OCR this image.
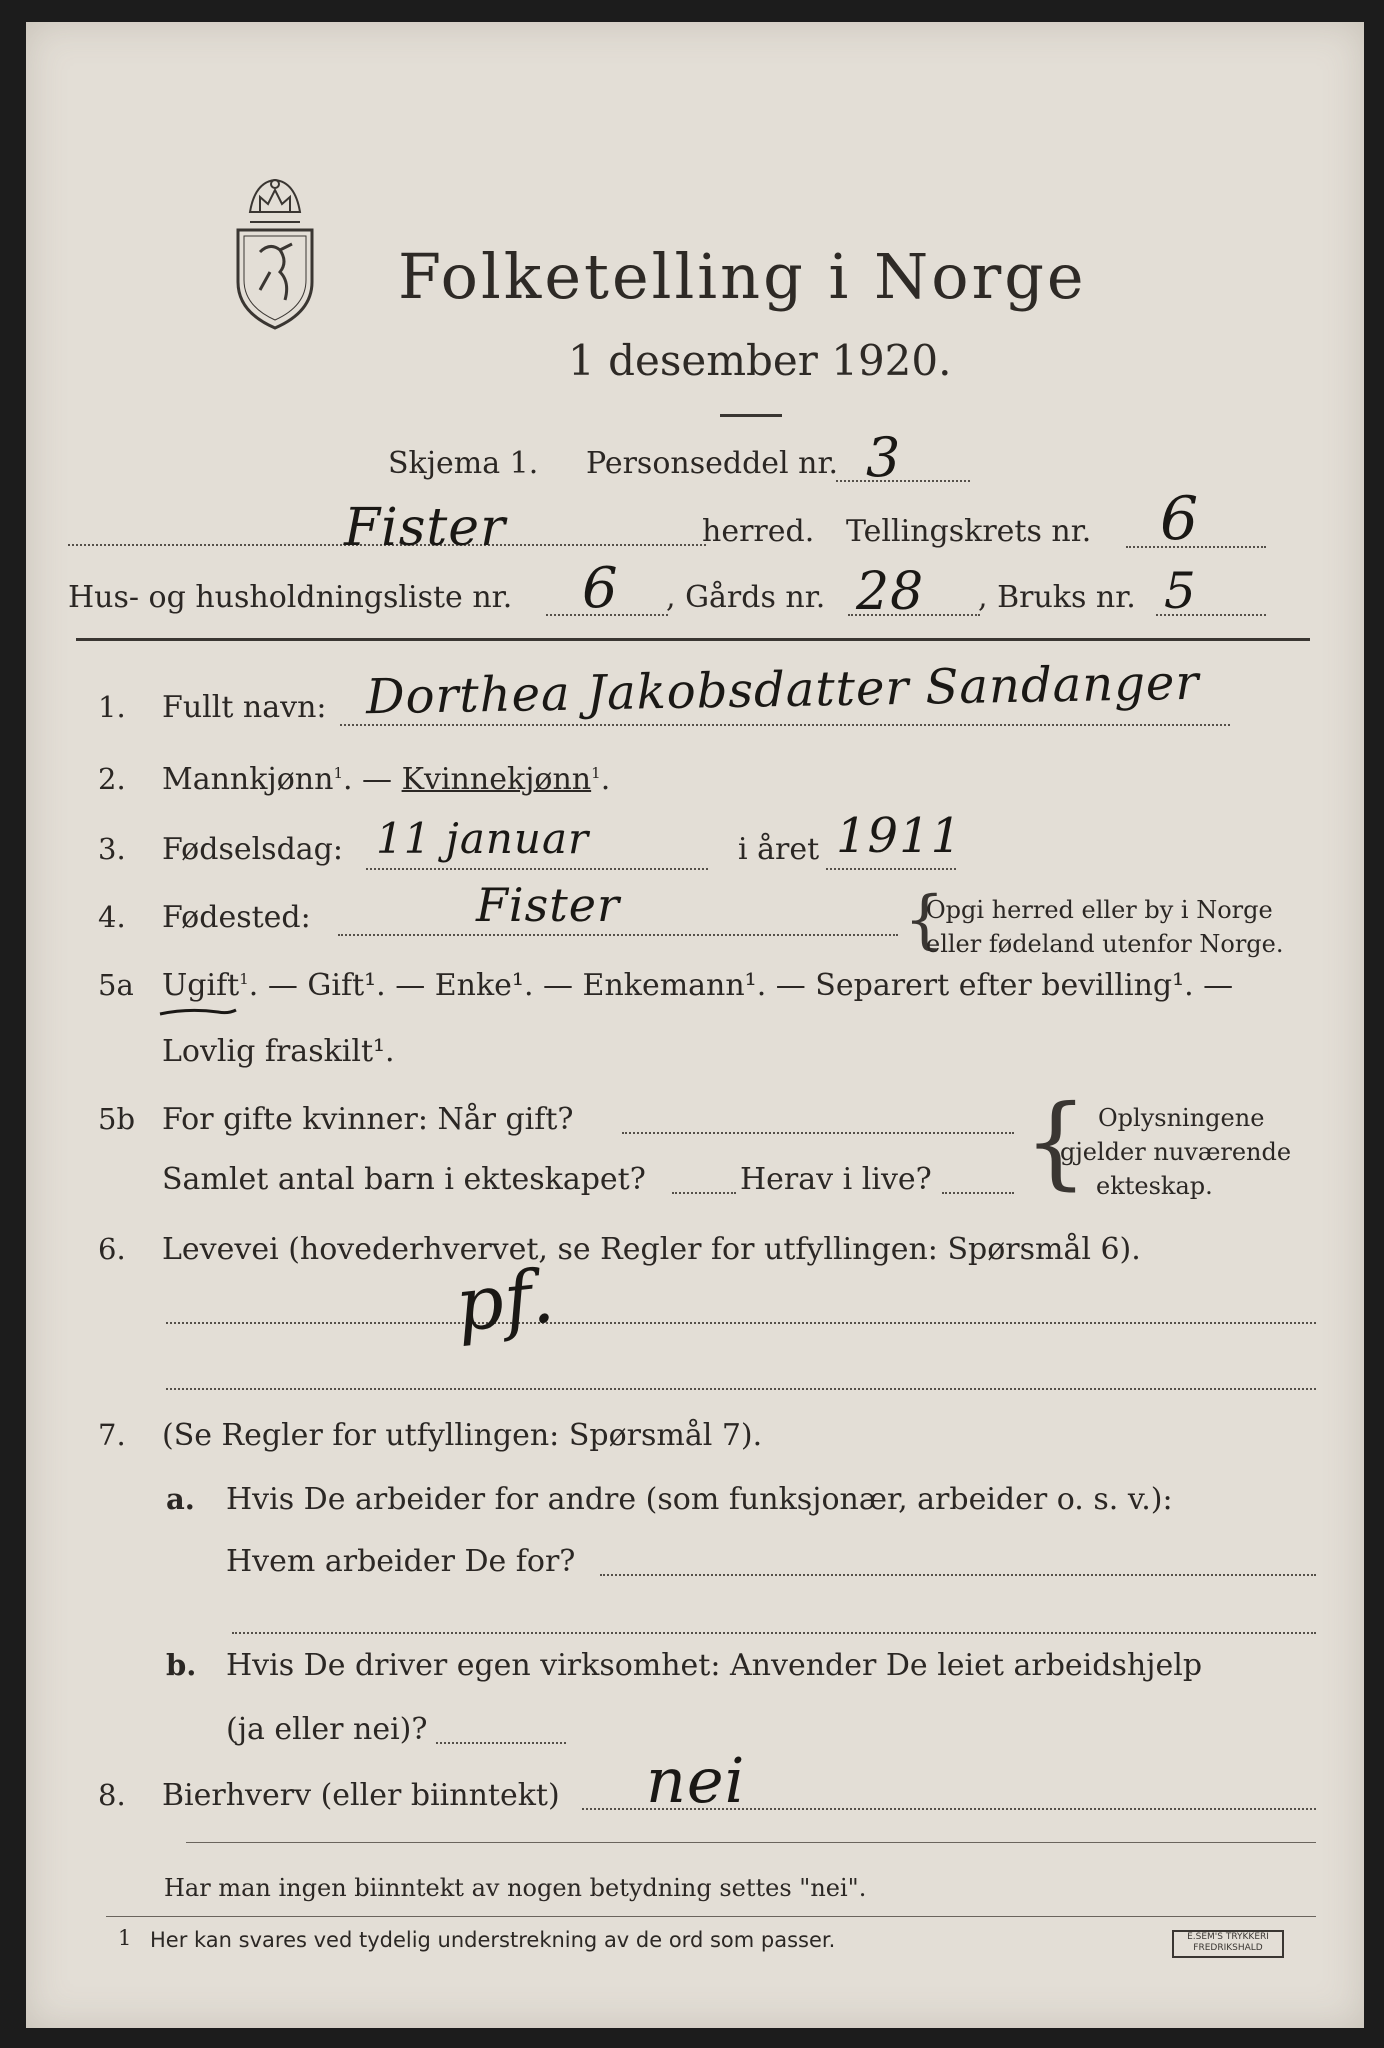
Folketelling i Norge
1 desember 1920.
Skjema 1. Personseddel nr. 3
Fister	herred. Tellingskrets nr. 6
Hus- og husholdningsliste nr. 6 , Gårds nr. 28 , Bruks nr. 5
1. Fullt navn: Dorthea Jakobsdatter Sandanger
2. Mannkjønn$^1$. — Kvinnekjønn$^1$.
3. Fødselsdag: 11 januar	i året 1911
4. Fødested:	Fister	{
Opgi herred eller by i Norge
eller fødeland utenfor Norge.
5a Ugift$^1$. — Gift¹. — Enke¹. — Enkemann¹. — Separert efter bevilling¹. —
Lovlig fraskilt¹.
5b For gifte kvinner: Når gift?
Samlet antal barn i ekteskapet?	Herav i live? { Oplysningene
gjelder nuværende
ekteskap.
6. Levevei (hovederhvervet, se Regler for utfyllingen: Spørsmål 6).
pf.
7. (Se Regler for utfyllingen: Spørsmål 7).
a. Hvis De arbeider for andre (som funksjonær, arbeider o. s. v.):
Hvem arbeider De for?
b. Hvis De driver egen virksomhet: Anvender De leiet arbeidshjelp
(ja eller nei)?
8. Bierhverv (eller biinntekt) nei
Har man ingen biinntekt av nogen betydning settes "nei".
1 Her kan svares ved tydelig understrekning av de ord som passer.	E.SEM'S TRYKKERI
FREDRIKSHALD
